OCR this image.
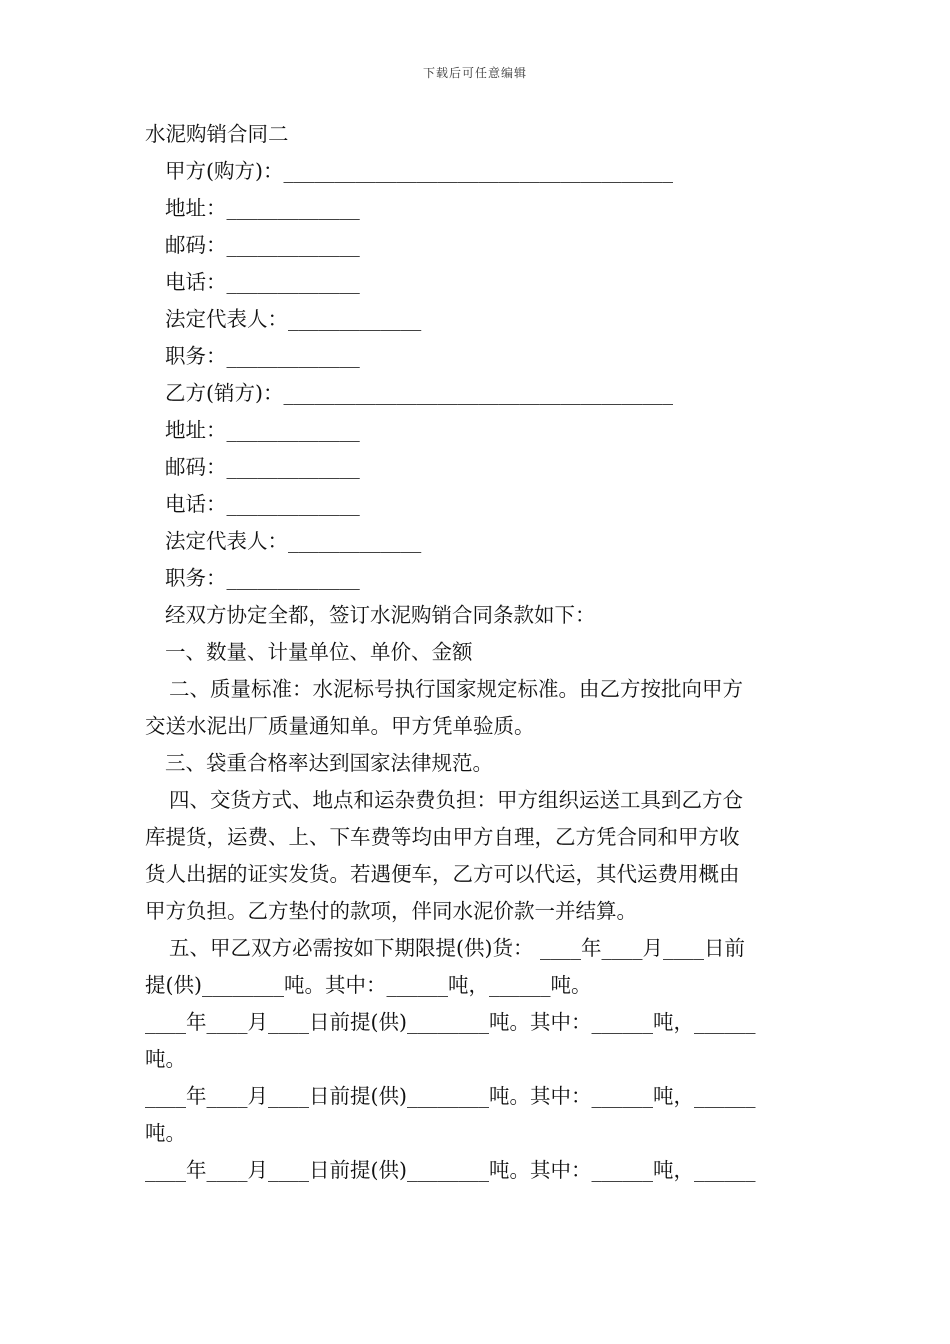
下载后可任意编辑
水泥购销合同二
甲方(购方)：______________________________________
地址：_____________
邮码：_____________
电话：_____________
法定代表人：_____________
职务：_____________
乙方(销方)：______________________________________
地址：_____________
邮码：_____________
电话：_____________
法定代表人：_____________
职务：_____________
经双方协定全都，签订水泥购销合同条款如下：
一、数量、计量单位、单价、金额
二、质量标准：水泥标号执行国家规定标准。由乙方按批向甲方
交送水泥出厂质量通知单。甲方凭单验质。
三、袋重合格率达到国家法律规范。
四、交货方式、地点和运杂费负担：甲方组织运送工具到乙方仓
库提货，运费、上、下车费等均由甲方自理，乙方凭合同和甲方收
货人出据的证实发货。若遇便车，乙方可以代运，其代运费用概由
甲方负担。乙方垫付的款项，伴同水泥价款一并结算。
五、甲乙双方必需按如下期限提(供)货： ____年____月____日前
提(供)________吨。其中：______吨，______吨。
____年____月____日前提(供)________吨。其中：______吨，______
吨。
____年____月____日前提(供)________吨。其中：______吨，______
吨。
____年____月____日前提(供)________吨。其中：______吨，______
